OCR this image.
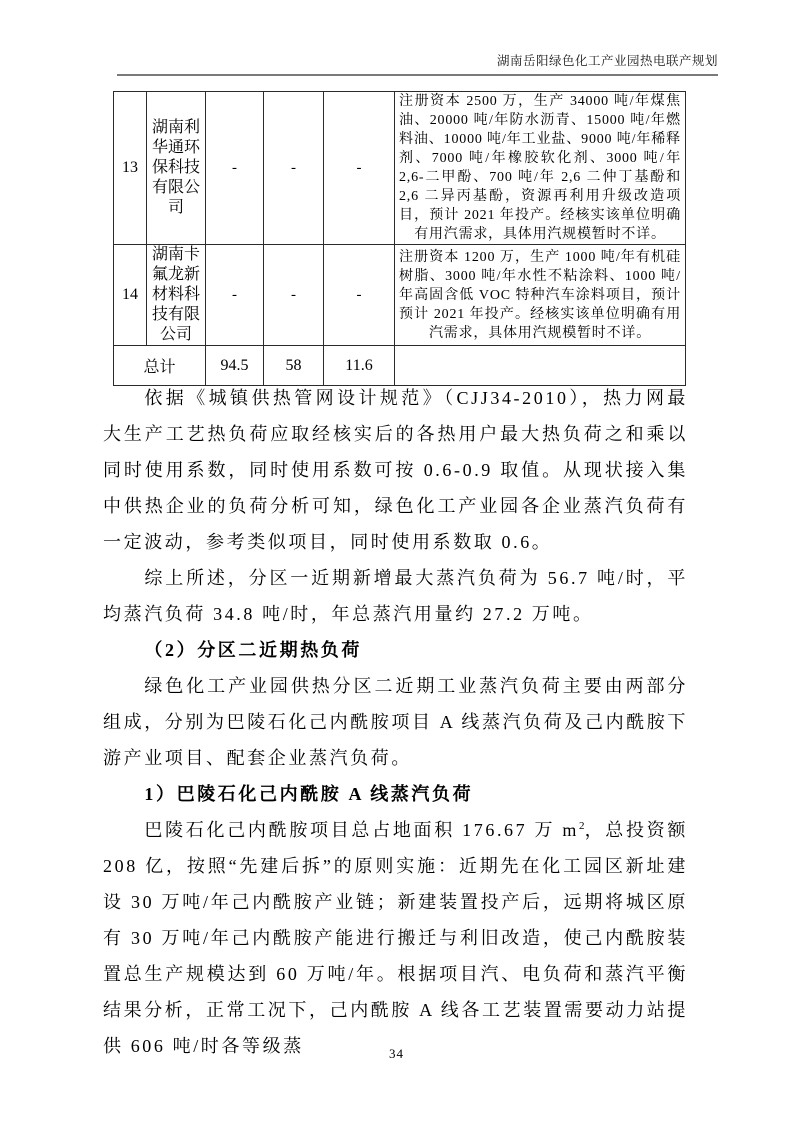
湖南岳阳绿色化工产业园热电联产规划
13	湖南利华通环保科技有限公司	-	-	-	注册资本 2500 万，生产 34000 吨/年煤焦油、20000 吨/年防水沥青、15000 吨/年燃料油、10000 吨/年工业盐、9000 吨/年稀释剂、7000 吨/年橡胶软化剂、3000 吨/年 2,6-二甲酚、700 吨/年 2,6 二仲丁基酚和 2,6 二异丙基酚，资源再利用升级改造项目，预计 2021 年投产。经核实该单位明确有用汽需求，具体用汽规模暂时不详。
14	湖南卡氟龙新材料科技有限公司	-	-	-	注册资本 1200 万，生产 1000 吨/年有机硅树脂、3000 吨/年水性不粘涂料、1000 吨/年高固含低 VOC 特种汽车涂料项目，预计预计 2021 年投产。经核实该单位明确有用汽需求，具体用汽规模暂时不详。
总计		94.5	58	11.6	

依据《城镇供热管网设计规范》（CJJ34-2010），热力网最大生产工艺热负荷应取经核实后的各热用户最大热负荷之和乘以同时使用系数，同时使用系数可按 0.6-0.9 取值。从现状接入集中供热企业的负荷分析可知，绿色化工产业园各企业蒸汽负荷有一定波动，参考类似项目，同时使用系数取 0.6。

综上所述，分区一近期新增最大蒸汽负荷为 56.7 吨/时，平均蒸汽负荷 34.8 吨/时，年总蒸汽用量约 27.2 万吨。

（2）分区二近期热负荷

绿色化工产业园供热分区二近期工业蒸汽负荷主要由两部分组成，分别为巴陵石化己内酰胺项目 A 线蒸汽负荷及己内酰胺下游产业项目、配套企业蒸汽负荷。

1）巴陵石化己内酰胺 A 线蒸汽负荷

巴陵石化己内酰胺项目总占地面积 176.67 万 $m^2$，总投资额 208 亿，按照“先建后拆”的原则实施：近期先在化工园区新址建设 30 万吨/年己内酰胺产业链；新建装置投产后，远期将城区原有 30 万吨/年己内酰胺产能进行搬迁与利旧改造，使己内酰胺装置总生产规模达到 60 万吨/年。根据项目汽、电负荷和蒸汽平衡结果分析，正常工况下，己内酰胺 A 线各工艺装置需要动力站提供 606 吨/时各等级蒸	34
